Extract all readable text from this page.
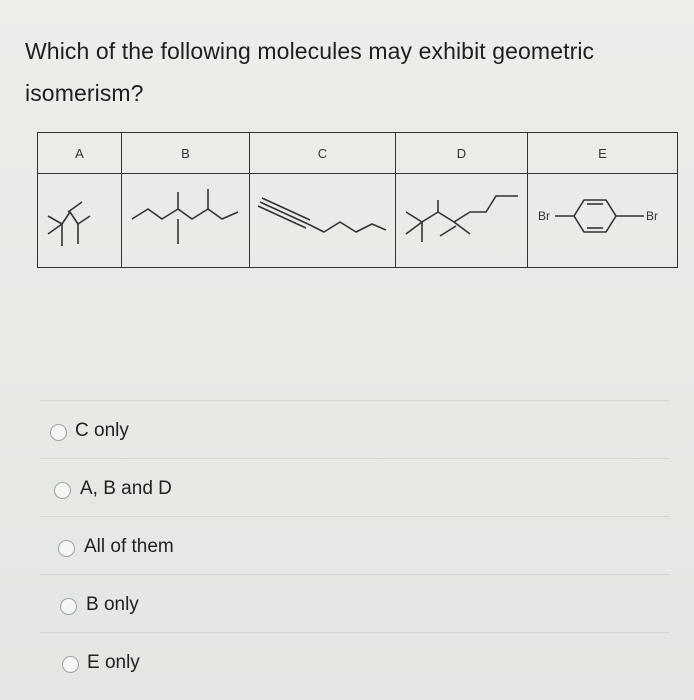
Which of the following molecules may exhibit geometric
isomerism?
A	B	C	D	E

Br Br
C only
A, B and D
All of them
B only
E only
